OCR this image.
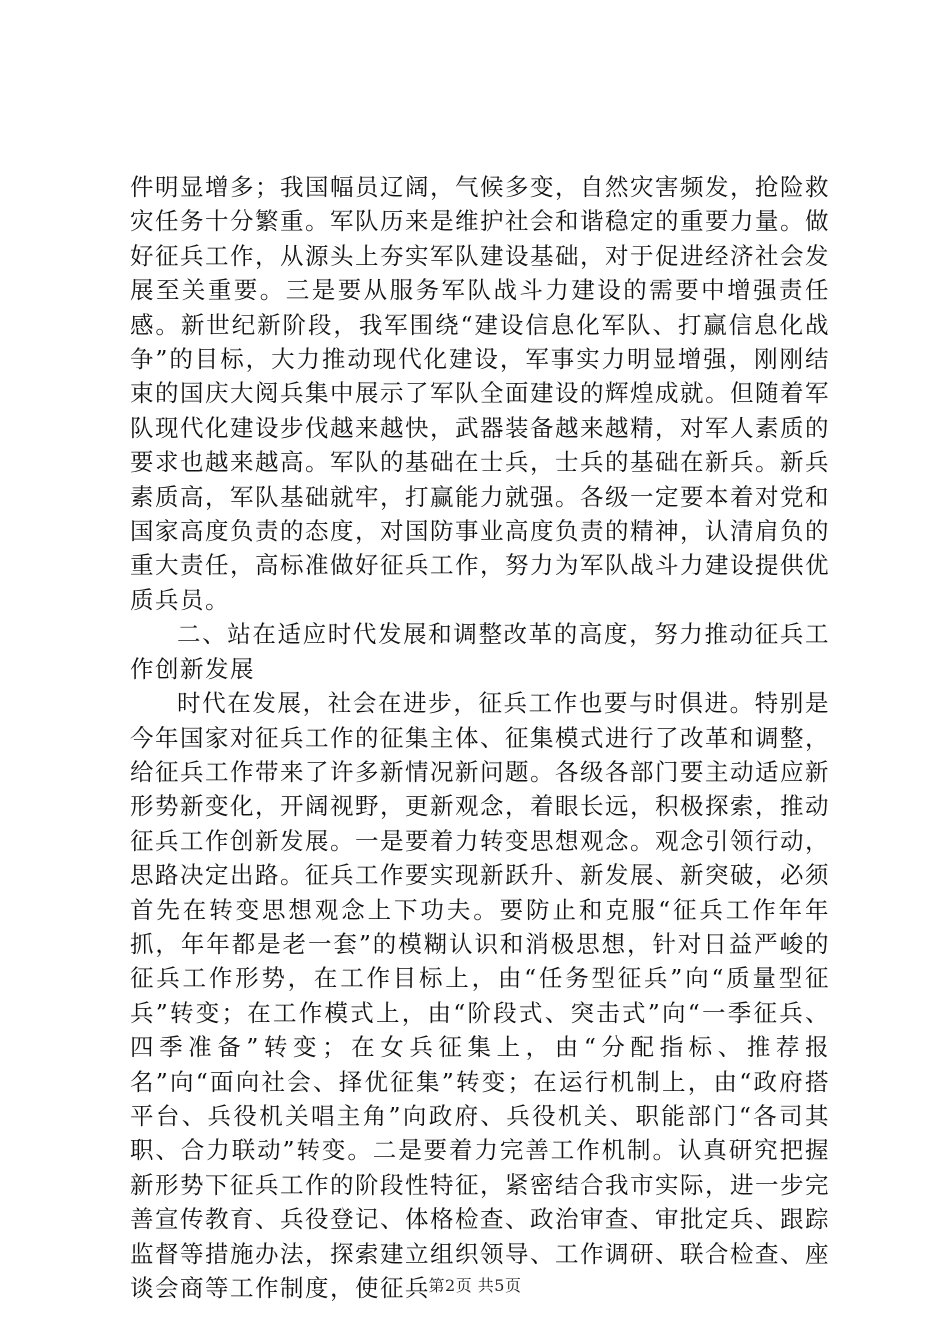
件明显增多；我国幅员辽阔，气候多变，自然灾害频发，抢险救灾任务十分繁重。军队历来是维护社会和谐稳定的重要力量。做好征兵工作，从源头上夯实军队建设基础，对于促进经济社会发展至关重要。三是要从服务军队战斗力建设的需要中增强责任感。新世纪新阶段，我军围绕“建设信息化军队、打赢信息化战争”的目标，大力推动现代化建设，军事实力明显增强，刚刚结束的国庆大阅兵集中展示了军队全面建设的辉煌成就。但随着军队现代化建设步伐越来越快，武器装备越来越精，对军人素质的要求也越来越高。军队的基础在士兵，士兵的基础在新兵。新兵素质高，军队基础就牢，打赢能力就强。各级一定要本着对党和国家高度负责的态度，对国防事业高度负责的精神，认清肩负的重大责任，高标准做好征兵工作，努力为军队战斗力建设提供优质兵员。

二、站在适应时代发展和调整改革的高度，努力推动征兵工作创新发展

时代在发展，社会在进步，征兵工作也要与时俱进。特别是今年国家对征兵工作的征集主体、征集模式进行了改革和调整，给征兵工作带来了许多新情况新问题。各级各部门要主动适应新形势新变化，开阔视野，更新观念，着眼长远，积极探索，推动征兵工作创新发展。一是要着力转变思想观念。观念引领行动，思路决定出路。征兵工作要实现新跃升、新发展、新突破，必须首先在转变思想观念上下功夫。要防止和克服“征兵工作年年抓，年年都是老一套”的模糊认识和消极思想，针对日益严峻的征兵工作形势，在工作目标上，由“任务型征兵”向“质量型征兵”转变；在工作模式上，由“阶段式、突击式”向“一季征兵、四季准备”转变；在女兵征集上，由“分配指标、推荐报名”向“面向社会、择优征集”转变；在运行机制上，由“政府搭平台、兵役机关唱主角”向政府、兵役机关、职能部门“各司其职、合力联动”转变。二是要着力完善工作机制。认真研究把握新形势下征兵工作的阶段性特征，紧密结合我市实际，进一步完善宣传教育、兵役登记、体格检查、政治审查、审批定兵、跟踪监督等措施办法，探索建立组织领导、工作调研、联合检查、座谈会商等工作制度，使征兵

第2页 共5页
